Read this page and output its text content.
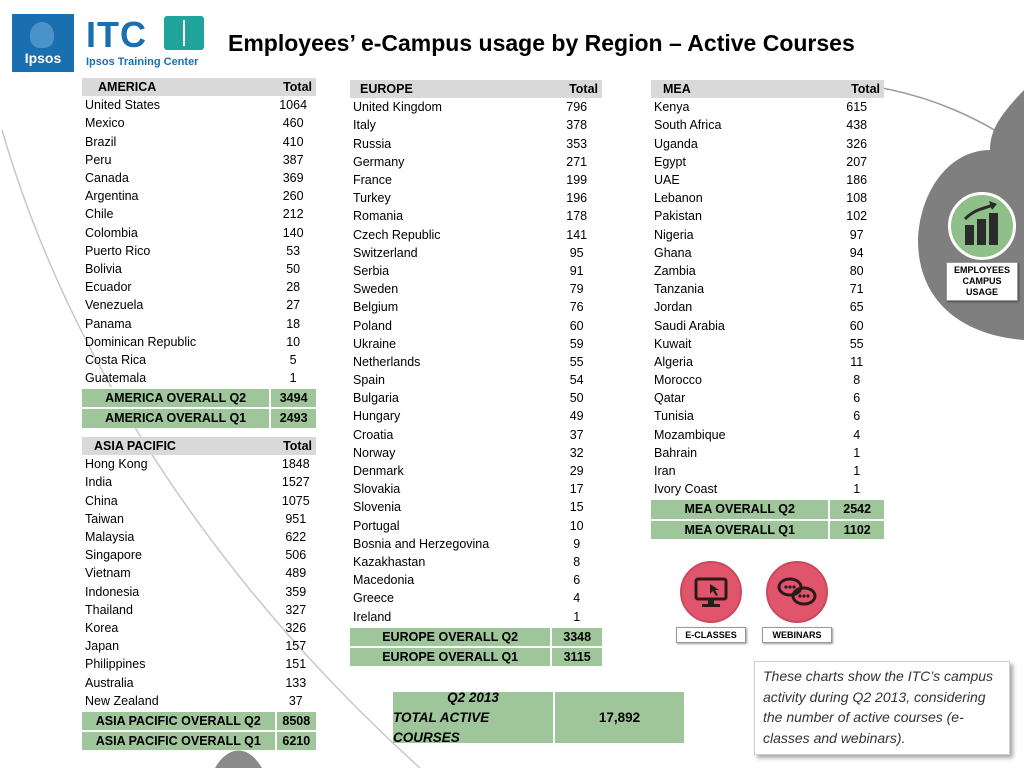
Ipsos
ITC
Ipsos Training Center
Employees’ e-Campus usage by Region – Active Courses
AMERICA	Total
United States	1064
Mexico	460
Brazil	410
Peru	387
Canada	369
Argentina	260
Chile	212
Colombia	140
Puerto Rico	53
Bolivia	50
Ecuador	28
Venezuela	27
Panama	18
Dominican Republic	10
Costa Rica	5
Guatemala	1
AMERICA OVERALL Q2	3494
AMERICA OVERALL Q1	2493
ASIA PACIFIC	Total
Hong Kong	1848
India	1527
China	1075
Taiwan	951
Malaysia	622
Singapore	506
Vietnam	489
Indonesia	359
Thailand	327
Korea	326
Japan	157
Philippines	151
Australia	133
New Zealand	37
ASIA PACIFIC OVERALL Q2	8508
ASIA PACIFIC OVERALL Q1	6210
EUROPE	Total
United Kingdom	796
Italy	378
Russia	353
Germany	271
France	199
Turkey	196
Romania	178
Czech Republic	141
Switzerland	95
Serbia	91
Sweden	79
Belgium	76
Poland	60
Ukraine	59
Netherlands	55
Spain	54
Bulgaria	50
Hungary	49
Croatia	37
Norway	32
Denmark	29
Slovakia	17
Slovenia	15
Portugal	10
Bosnia and Herzegovina	9
Kazakhastan	8
Macedonia	6
Greece	4
Ireland	1
EUROPE OVERALL Q2	3348
EUROPE OVERALL Q1	3115
MEA	Total
Kenya	615
South Africa	438
Uganda	326
Egypt	207
UAE	186
Lebanon	108
Pakistan	102
Nigeria	97
Ghana	94
Zambia	80
Tanzania	71
Jordan	65
Saudi Arabia	60
Kuwait	55
Algeria	11
Morocco	8
Qatar	6
Tunisia	6
Mozambique	4
Bahrain	1
Iran	1
Ivory Coast	1
MEA OVERALL Q2	2542
MEA OVERALL Q1	1102
Q2 2013
TOTAL ACTIVE COURSES
17,892
These charts show the ITC’s campus activity during Q2 2013, considering the number of active courses (e-classes and webinars).
E-CLASSES	WEBINARS
EMPLOYEES
CAMPUS
USAGE
